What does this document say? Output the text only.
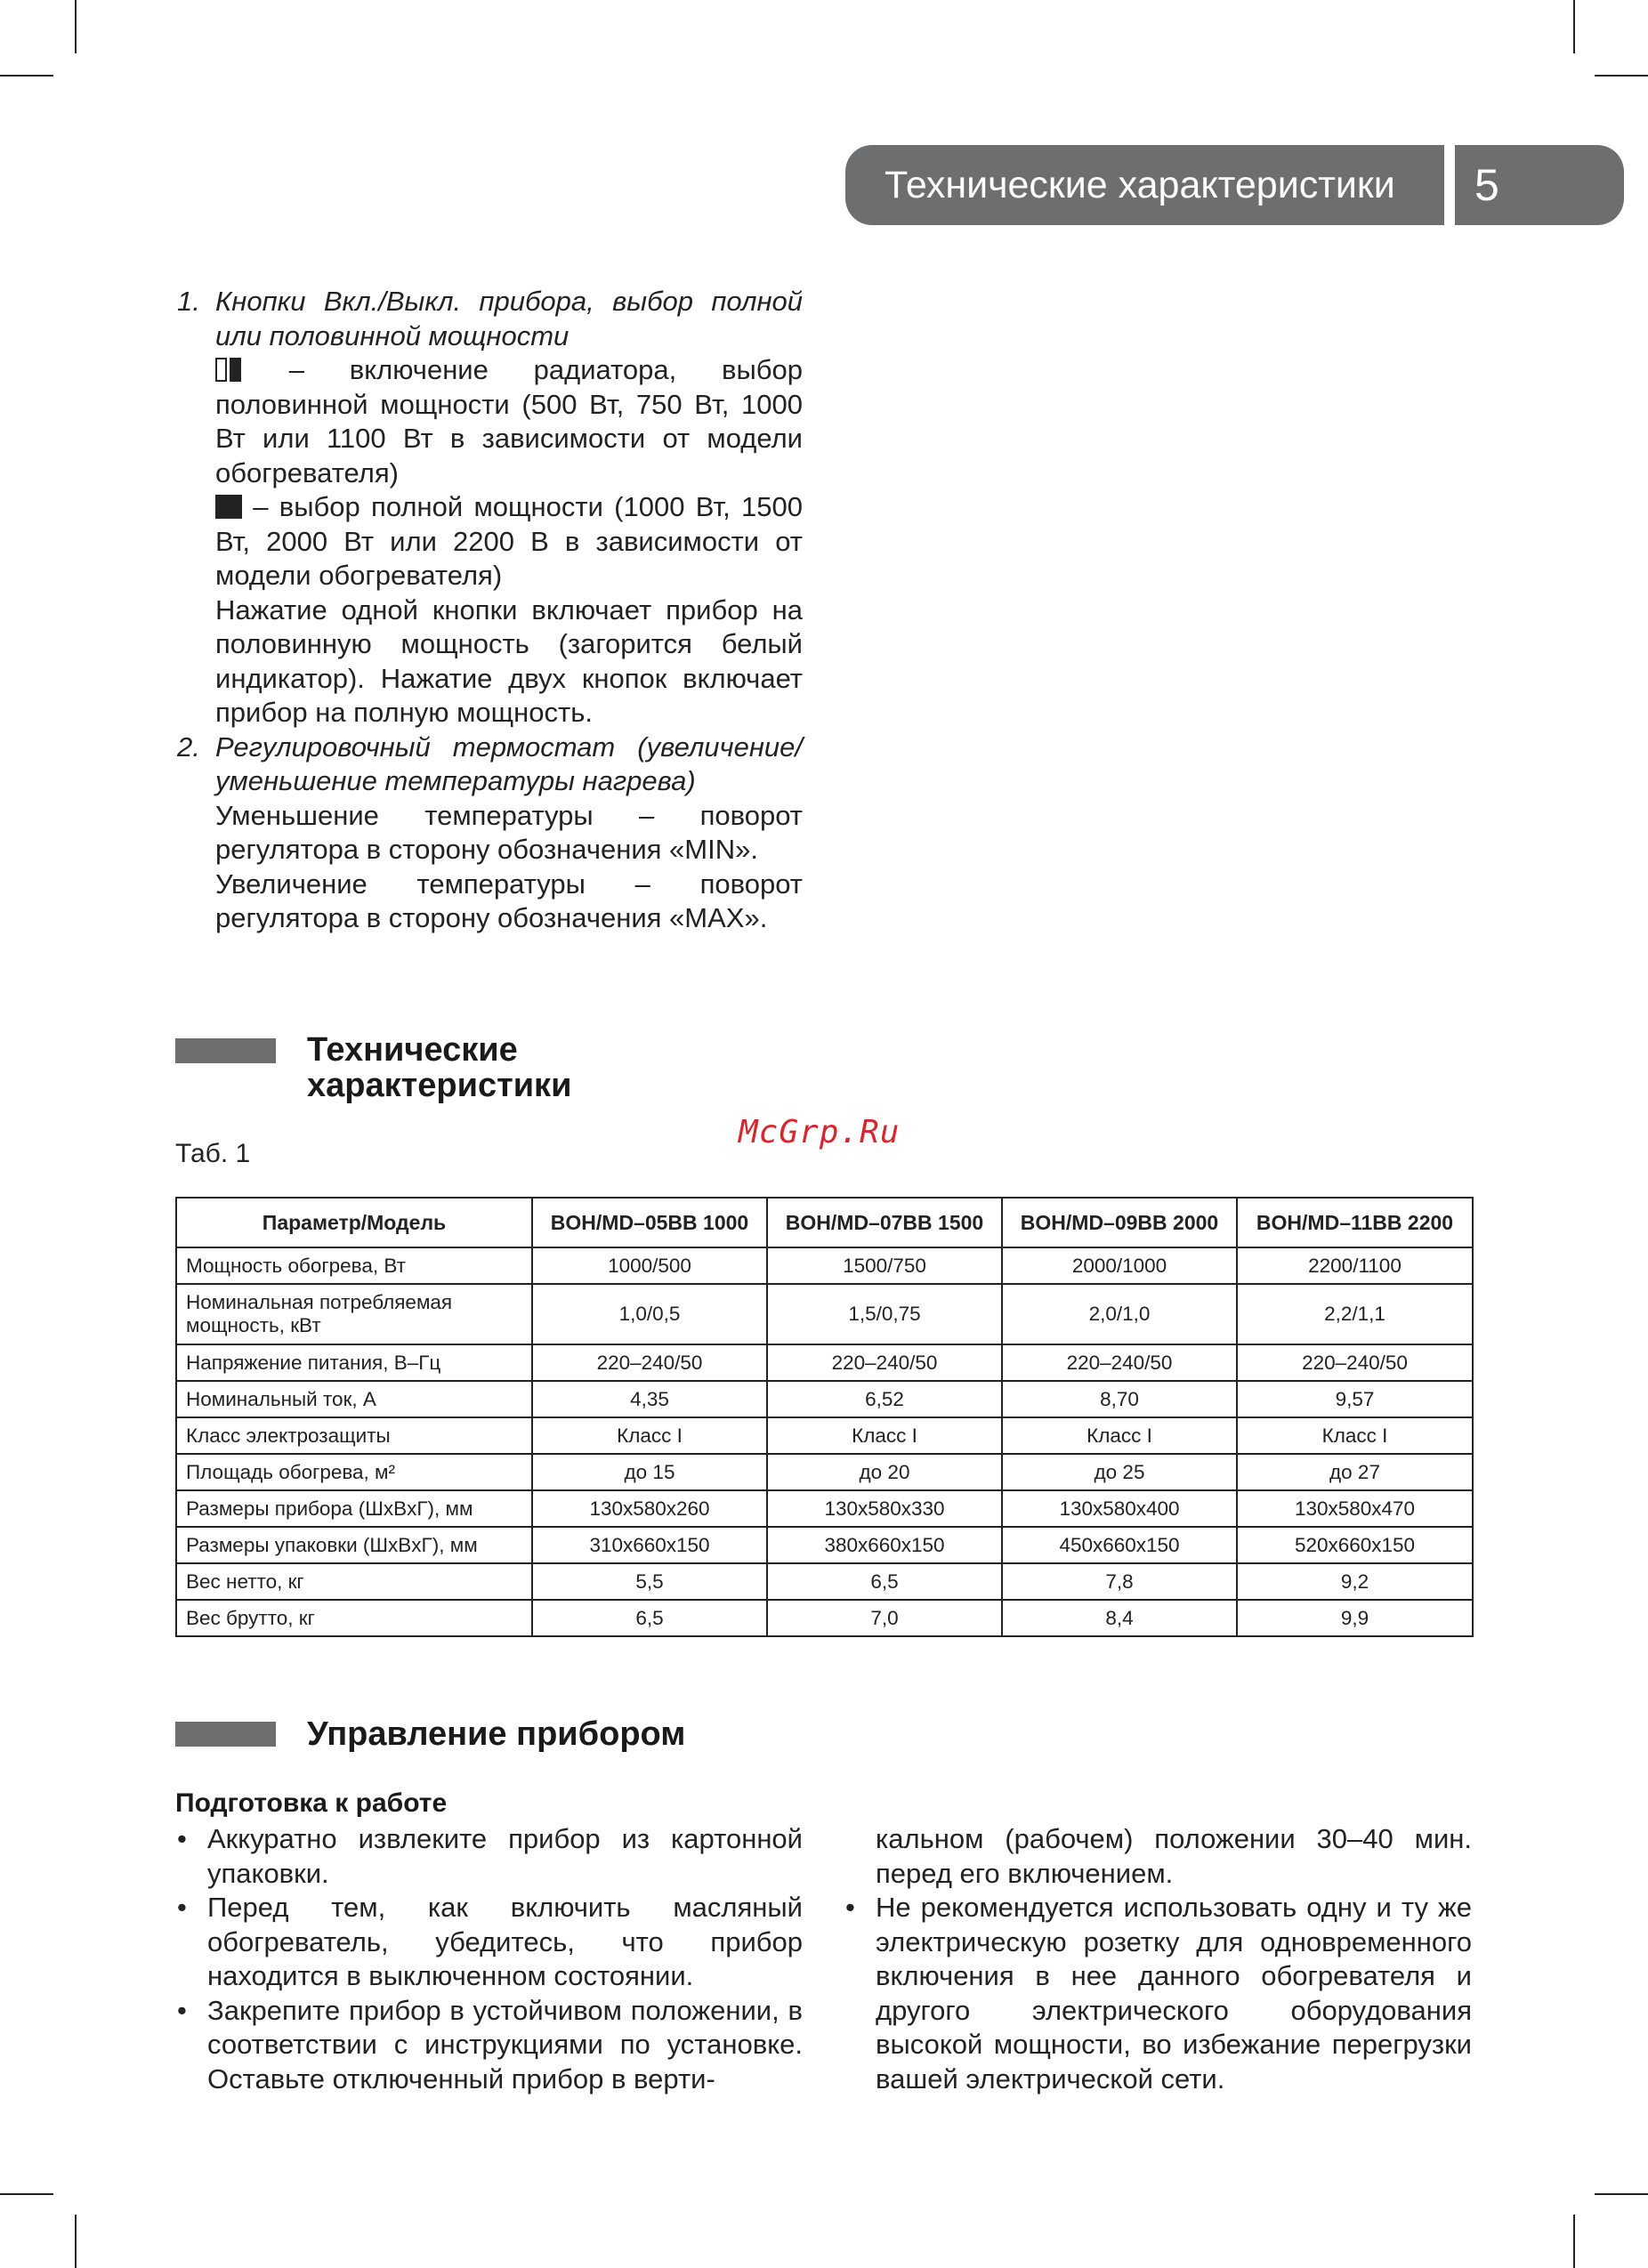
Технические характеристики	5
1. Кнопки Вкл./Выкл. прибора, выбор полной или половинной мощности

– включение радиатора, выбор половинной мощности (500 Вт, 750 Вт, 1000 Вт или 1100 Вт в зависимости от модели обогревателя)

– выбор полной мощности (1000 Вт, 1500 Вт, 2000 Вт или 2200 В в зависимости от модели обогревателя)

Нажатие одной кнопки включает прибор на половинную мощность (загорится белый индикатор). Нажатие двух кнопок включает прибор на полную мощность.

2. Регулировочный термостат (увеличение/ уменьшение температуры нагрева)

Уменьшение температуры – поворот регулятора в сторону обозначения «MIN».

Увеличение температуры – поворот регулятора в сторону обозначения «MAX».

Технические
характеристики
McGrp.Ru
Таб. 1
Параметр/Модель	BOH/MD–05BB 1000	BOH/MD–07BB 1500	BOH/MD–09BB 2000	BOH/MD–11BB 2200
Мощность обогрева, Вт	1000/500	1500/750	2000/1000	2200/1100
Номинальная потребляемая мощность, кВт	1,0/0,5	1,5/0,75	2,0/1,0	2,2/1,1
Напряжение питания, В–Гц	220–240/50	220–240/50	220–240/50	220–240/50
Номинальный ток, А	4,35	6,52	8,70	9,57
Класс электрозащиты	Класс I	Класс I	Класс I	Класс I
Площадь обогрева, м²	до 15	до 20	до 25	до 27
Размеры прибора (ШxВxГ), мм	130x580x260	130x580x330	130x580x400	130x580x470
Размеры упаковки (ШxВxГ), мм	310x660x150	380x660x150	450x660x150	520x660x150
Вес нетто, кг	5,5	6,5	7,8	9,2
Вес брутто, кг	6,5	7,0	8,4	9,9
Управление прибором
Подготовка к работе
• Аккуратно извлеките прибор из картонной упаковки.
• Перед тем, как включить масляный обогреватель, убедитесь, что прибор находится в выключенном состоянии.
• Закрепите прибор в устойчивом положении, в соответствии с инструкциями по установке. Оставьте отключенный прибор в верти-
кальном (рабочем) положении 30–40 мин. перед его включением.
• Не рекомендуется использовать одну и ту же электрическую розетку для одновременного включения в нее данного обогревателя и другого электрического оборудования высокой мощности, во избежание перегрузки вашей электрической сети.
